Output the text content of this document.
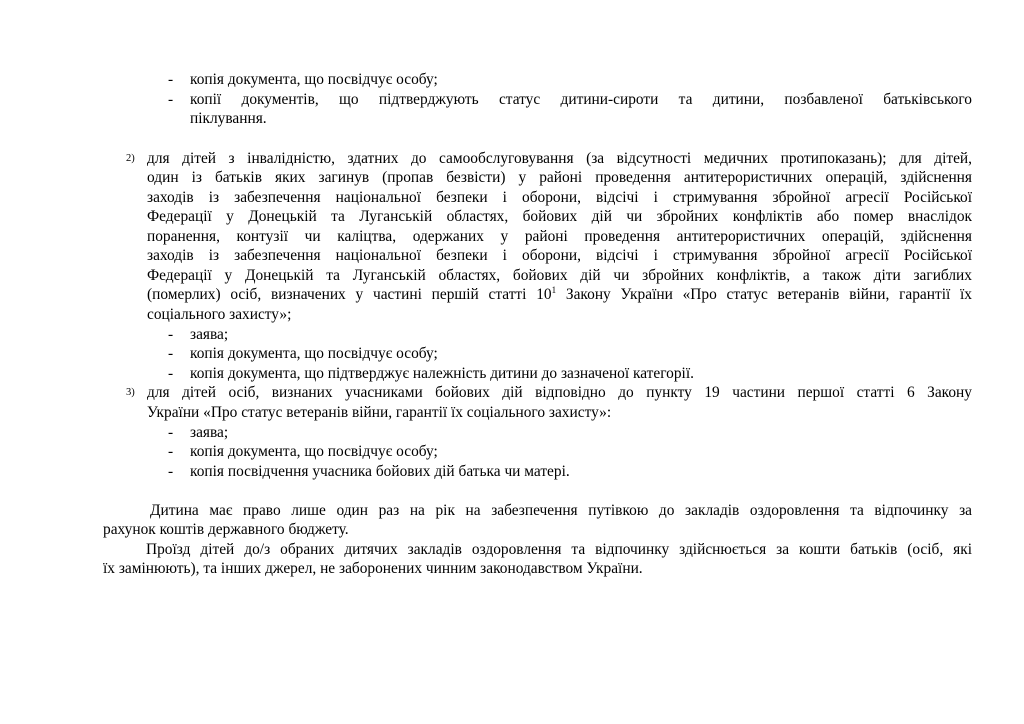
-	копія документа, що посвідчує особу;
-	копії документів, що підтверджують статус дитини-сироти та дитини, позбавленої батьківського
піклування.
2) для дітей з інвалідністю, здатних до самообслуговування (за відсутності медичних протипоказань); для дітей,
один із батьків яких загинув (пропав безвісти) у районі проведення антитерористичних операцій, здійснення
заходів із забезпечення національної безпеки і оборони, відсічі і стримування збройної агресії Російської
Федерації у Донецькій та Луганській областях, бойових дій чи збройних конфліктів або помер внаслідок
поранення, контузії чи каліцтва, одержаних у районі проведення антитерористичних операцій, здійснення
заходів із забезпечення національної безпеки і оборони, відсічі і стримування збройної агресії Російської
Федерації у Донецькій та Луганській областях, бойових дій чи збройних конфліктів, а також діти загиблих
(померлих) осіб, визначених у частині першій статті $10^1$ Закону України «Про статус ветеранів війни, гарантії їх
соціального захисту»;
-	заява;
-	копія документа, що посвідчує особу;
-	копія документа, що підтверджує належність дитини до зазначеної категорії.
3) для дітей осіб, визнаних учасниками бойових дій відповідно до пункту 19 частини першої статті 6 Закону
України «Про статус ветеранів війни, гарантії їх соціального захисту»:
-	заява;
-	копія документа, що посвідчує особу;
-	копія посвідчення учасника бойових дій батька чи матері.
Дитина має право лише один раз на рік на забезпечення путівкою до закладів оздоровлення та відпочинку за
рахунок коштів державного бюджету.
Проїзд дітей до/з обраних дитячих закладів оздоровлення та відпочинку здійснюється за кошти батьків (осіб, які
їх замінюють), та інших джерел, не заборонених чинним законодавством України.
